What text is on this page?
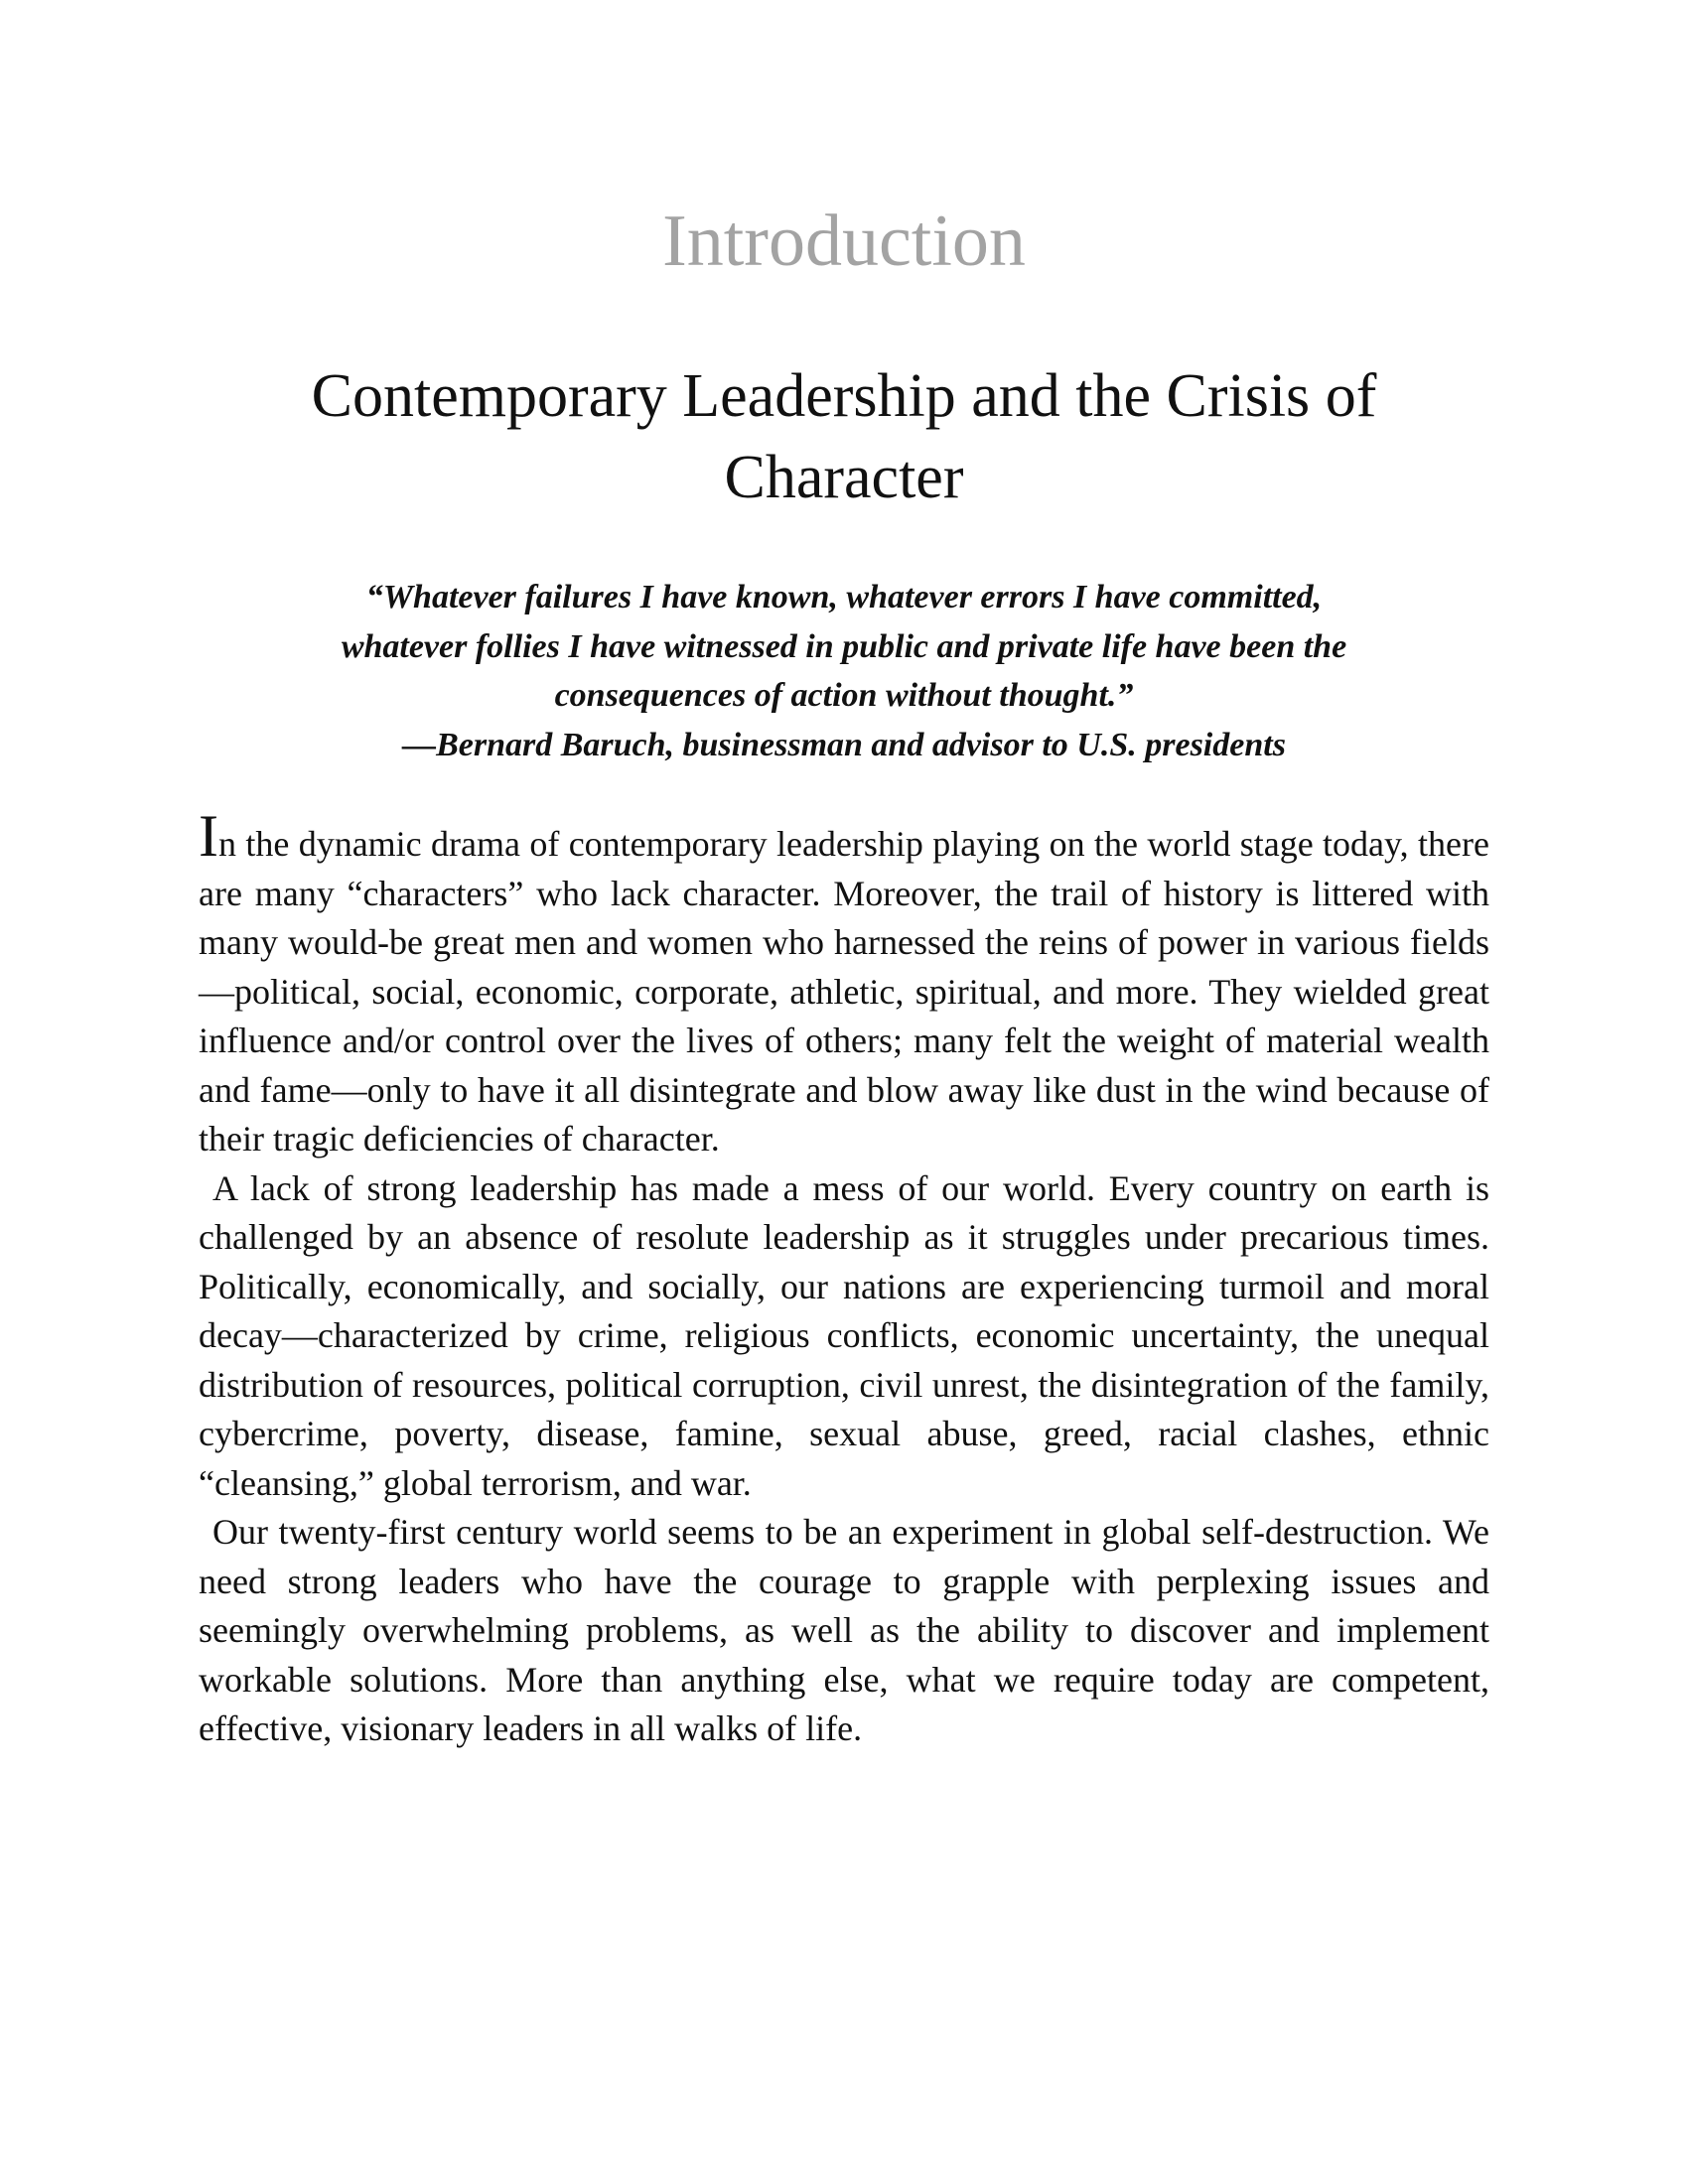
Introduction
Contemporary Leadership and the Crisis of Character
“Whatever failures I have known, whatever errors I have committed,
whatever follies I have witnessed in public and private life have been the
consequences of action without thought.”
—Bernard Baruch, businessman and advisor to U.S. presidents

In the dynamic drama of contemporary leadership playing on the world stage today, there are many “characters” who lack character. Moreover, the trail of history is littered with many would-be great men and women who harnessed the reins of power in various fields—political, social, economic, corporate, athletic, spiritual, and more. They wielded great influence and/or control over the lives of others; many felt the weight of material wealth and fame—only to have it all disintegrate and blow away like dust in the wind because of their tragic deficiencies of character.

A lack of strong leadership has made a mess of our world. Every country on earth is challenged by an absence of resolute leadership as it struggles under precarious times. Politically, economically, and socially, our nations are experiencing turmoil and moral decay—characterized by crime, religious conflicts, economic uncertainty, the unequal distribution of resources, political corruption, civil unrest, the disintegration of the family, cybercrime, poverty, disease, famine, sexual abuse, greed, racial clashes, ethnic “cleansing,” global terrorism, and war.

Our twenty-first century world seems to be an experiment in global self-destruction. We need strong leaders who have the courage to grapple with perplexing issues and seemingly overwhelming problems, as well as the ability to discover and implement workable solutions. More than anything else, what we require today are competent, effective, visionary leaders in all walks of life.
